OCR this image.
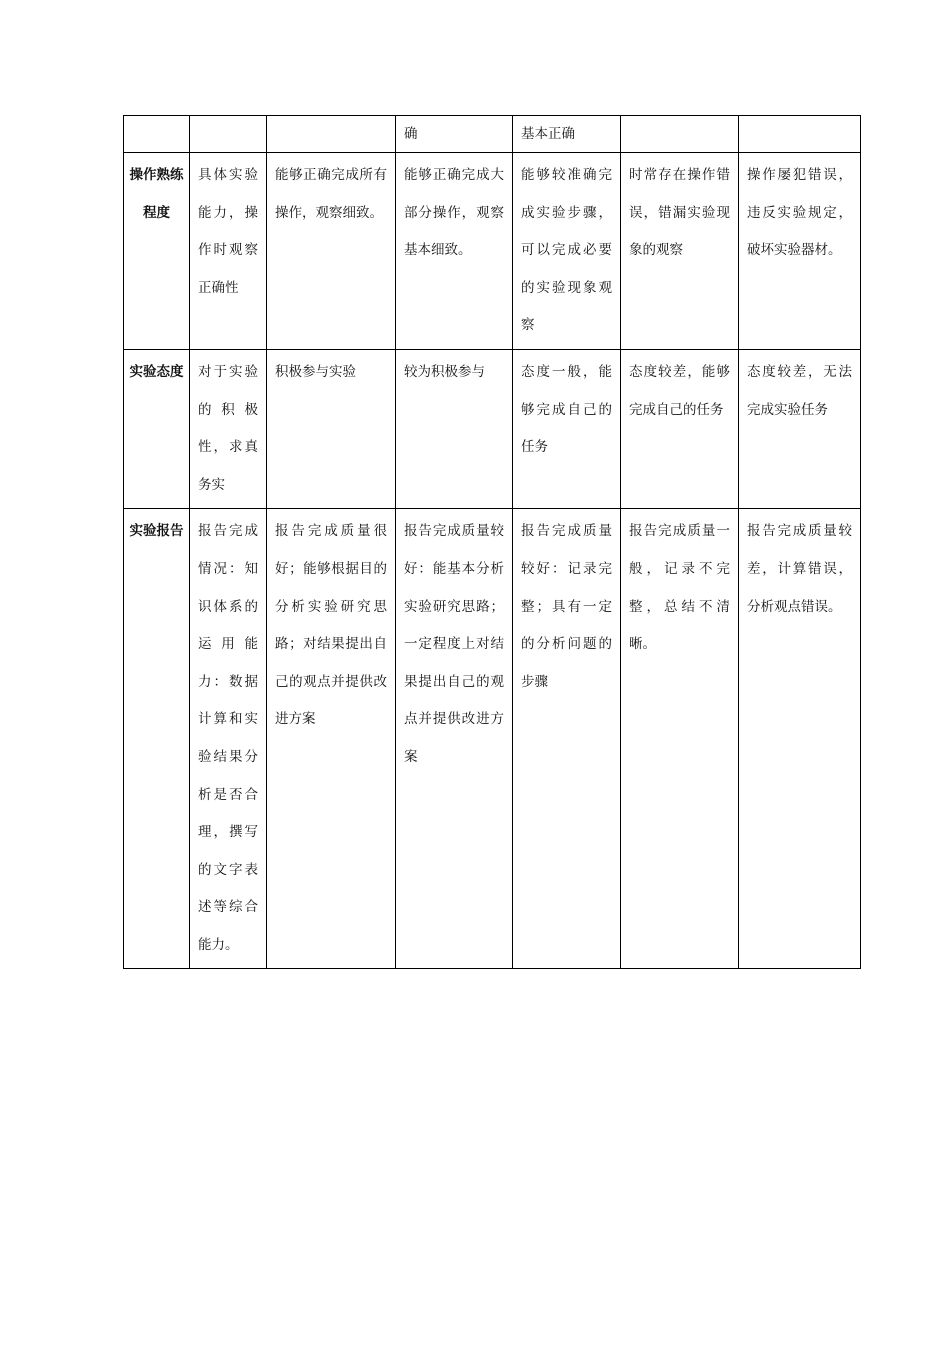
			确	基本正确		
操作熟练程度	具体实验能力，操作时观察正确性	能够正确完成所有操作，观察细致。	能够正确完成大部分操作，观察基本细致。	能够较准确完成实验步骤，可以完成必要的实验现象观察	时常存在操作错误，错漏实验现象的观察	操作屡犯错误，违反实验规定，破坏实验器材。
实验态度	对于实验的积极性，求真务实	积极参与实验	较为积极参与	态度一般，能够完成自己的任务	态度较差，能够完成自己的任务	态度较差，无法完成实验任务
实验报告	报告完成情况：知识体系的运用能力：数据计算和实验结果分析是否合理，撰写的文字表述等综合能力。	报告完成质量很好；能够根据目的分析实验研究思路；对结果提出自己的观点并提供改进方案	报告完成质量较好：能基本分析实验研究思路；一定程度上对结果提出自己的观点并提供改进方案	报告完成质量较好：记录完整；具有一定的分析问题的步骤	报告完成质量一般，记录不完整，总结不清晰。	报告完成质量较差，计算错误，分析观点错误。
